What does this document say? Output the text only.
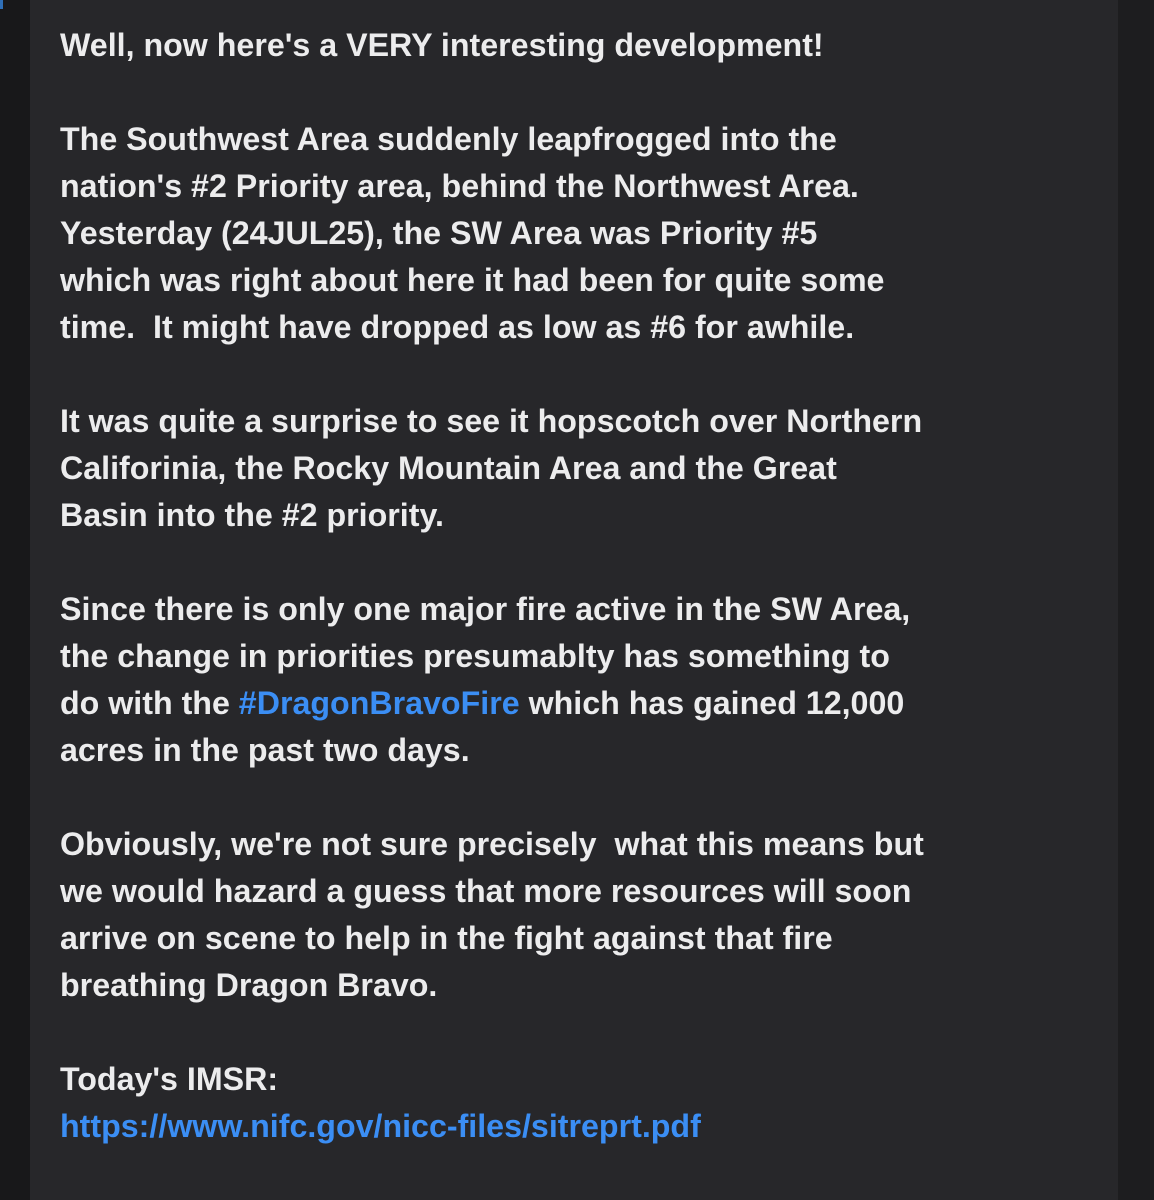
Well, now here's a VERY interesting development!
The Southwest Area suddenly leapfrogged into the
nation's #2 Priority area, behind the Northwest Area.
Yesterday (24JUL25), the SW Area was Priority #5
which was right about here it had been for quite some
time.  It might have dropped as low as #6 for awhile.
It was quite a surprise to see it hopscotch over Northern
Califorinia, the Rocky Mountain Area and the Great
Basin into the #2 priority.
Since there is only one major fire active in the SW Area,
the change in priorities presumablty has something to
do with the #DragonBravoFire which has gained 12,000
acres in the past two days.
Obviously, we're not sure precisely  what this means but
we would hazard a guess that more resources will soon
arrive on scene to help in the fight against that fire
breathing Dragon Bravo.
Today's IMSR:
https://www.nifc.gov/nicc-files/sitreprt.pdf
